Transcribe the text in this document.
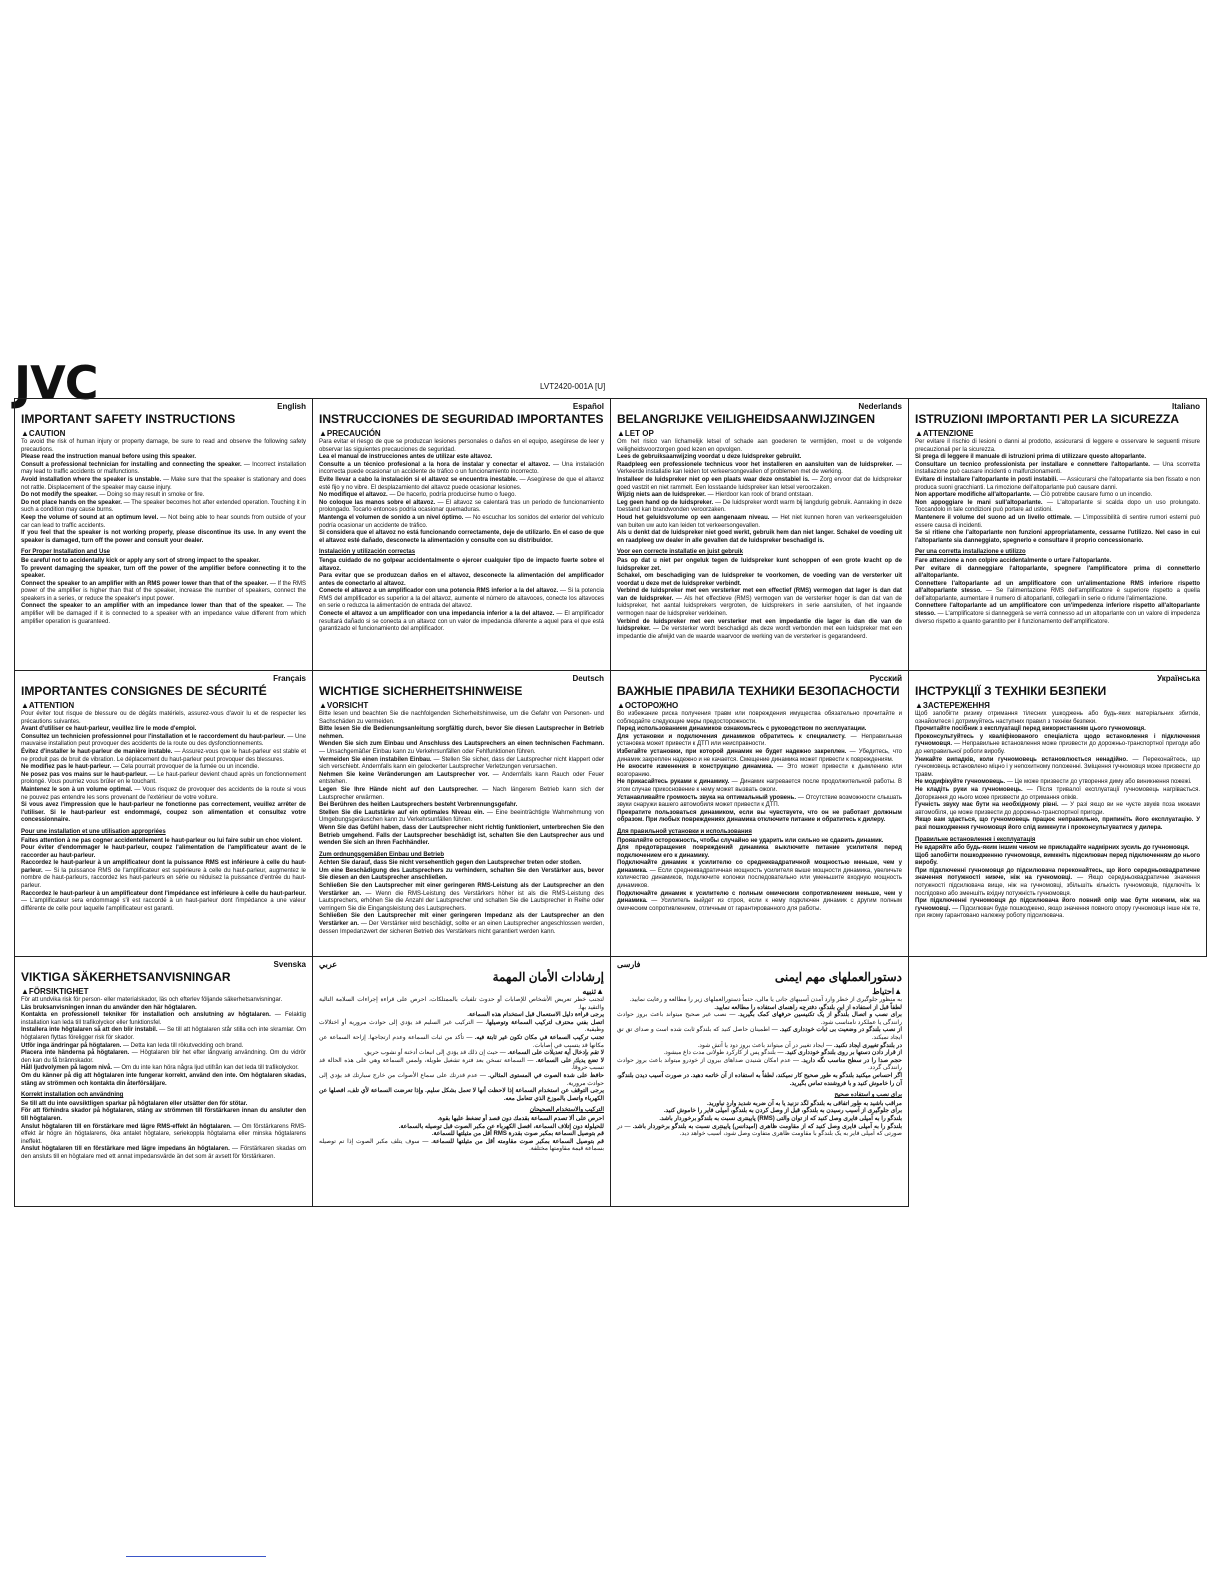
JVC	LVT2420-001A [U]
English
IMPORTANT SAFETY INSTRUCTIONS
▲CAUTION

To avoid the risk of human injury or property damage, be sure to read and observe the following safety precautions.

Please read the instruction manual before using this speaker.

Consult a professional technician for installing and connecting the speaker. — Incorrect installation may lead to traffic accidents or malfunctions.

Avoid installation where the speaker is unstable. — Make sure that the speaker is stationary and does not rattle. Displacement of the speaker may cause injury.

Do not modify the speaker. — Doing so may result in smoke or fire.

Do not place hands on the speaker. — The speaker becomes hot after extended operation. Touching it in such a condition may cause burns.

Keep the volume of sound at an optimum level. — Not being able to hear sounds from outside of your car can lead to traffic accidents.

If you feel that the speaker is not working properly, please discontinue its use. In any event the speaker is damaged, turn off the power and consult your dealer.

For Proper Installation and Use

Be careful not to accidentally kick or apply any sort of strong impact to the speaker.

To prevent damaging the speaker, turn off the power of the amplifier before connecting it to the speaker.

Connect the speaker to an amplifier with an RMS power lower than that of the speaker. — If the RMS power of the amplifier is higher than that of the speaker, increase the number of speakers, connect the speakers in a series, or reduce the speaker's input power.

Connect the speaker to an amplifier with an impedance lower than that of the speaker. — The amplifier will be damaged if it is connected to a speaker with an impedance value different from which amplifier operation is guaranteed.

Español
INSTRUCCIONES DE SEGURIDAD IMPORTANTES
▲PRECAUCIÓN

Para evitar el riesgo de que se produzcan lesiones personales o daños en el equipo, asegúrese de leer y observar las siguientes precauciones de seguridad.

Lea el manual de instrucciones antes de utilizar este altavoz.

Consulte a un técnico profesional a la hora de instalar y conectar el altavoz. — Una instalación incorrecta puede ocasionar un accidente de tráfico o un funcionamiento incorrecto.

Evite llevar a cabo la instalación si el altavoz se encuentra inestable. — Asegúrese de que el altavoz esté fijo y no vibre. El desplazamiento del altavoz puede ocasionar lesiones.

No modifique el altavoz. — De hacerlo, podría producirse humo o fuego.

No coloque las manos sobre el altavoz. — El altavoz se calentará tras un periodo de funcionamiento prolongado. Tocarlo entonces podría ocasionar quemaduras.

Mantenga el volumen de sonido a un nivel óptimo. — No escuchar los sonidos del exterior del vehículo podría ocasionar un accidente de tráfico.

Si considera que el altavoz no está funcionando correctamente, deje de utilizarlo. En el caso de que el altavoz esté dañado, desconecte la alimentación y consulte con su distribuidor.

Instalación y utilización correctas

Tenga cuidado de no golpear accidentalmente o ejercer cualquier tipo de impacto fuerte sobre el altavoz.

Para evitar que se produzcan daños en el altavoz, desconecte la alimentación del amplificador antes de conectarlo al altavoz.

Conecte el altavoz a un amplificador con una potencia RMS inferior a la del altavoz. — Si la potencia RMS del amplificador es superior a la del altavoz, aumente el número de altavoces, conecte los altavoces en serie o reduzca la alimentación de entrada del altavoz.

Conecte el altavoz a un amplificador con una impedancia inferior a la del altavoz. — El amplificador resultará dañado si se conecta a un altavoz con un valor de impedancia diferente a aquel para el que está garantizado el funcionamiento del amplificador.

Nederlands
BELANGRIJKE VEILIGHEIDSAANWIJZINGEN
▲LET OP

Om het risico van lichamelijk letsel of schade aan goederen te vermijden, moet u de volgende veiligheidsvoorzorgen goed lezen en opvolgen.

Lees de gebruiksaanwijzing voordat u deze luidspreker gebruikt.

Raadpleeg een professionele technicus voor het installeren en aansluiten van de luidspreker. — Verkeerde installatie kan leiden tot verkeersongevallen of problemen met de werking.

Installeer de luidspreker niet op een plaats waar deze onstabiel is. — Zorg ervoor dat de luidspreker goed vastzit en niet rammelt. Een losstaande luidspreker kan letsel veroorzaken.

Wijzig niets aan de luidspreker. — Hierdoor kan rook of brand ontstaan.

Leg geen hand op de luidspreker. — De luidspreker wordt warm bij langdurig gebruik. Aanraking in deze toestand kan brandwonden veroorzaken.

Houd het geluidsvolume op een aangenaam niveau. — Het niet kunnen horen van verkeersgeluiden van buiten uw auto kan leiden tot verkeersongevallen.

Als u denkt dat de luidspreker niet goed werkt, gebruik hem dan niet langer. Schakel de voeding uit en raadpleeg uw dealer in alle gevallen dat de luidspreker beschadigd is.

Voor een correcte installatie en juist gebruik

Pas op dat u niet per ongeluk tegen de luidspreker kunt schoppen of een grote kracht op de luidspreker zet.

Schakel, om beschadiging van de luidspreker te voorkomen, de voeding van de versterker uit voordat u deze met de luidspreker verbindt.

Verbind de luidspreker met een versterker met een effectief (RMS) vermogen dat lager is dan dat van de luidspreker. — Als het effectieve (RMS) vermogen van de versterker hoger is dan dat van de luidspreker, het aantal luidsprekers vergroten, de luidsprekers in serie aansluiten, of het ingaande vermogen naar de luidspreker verkleinen.

Verbind de luidspreker met een versterker met een impedantie die lager is dan die van de luidspreker. — De versterker wordt beschadigd als deze wordt verbonden met een luidspreker met een impedantie die afwijkt van de waarde waarvoor de werking van de versterker is gegarandeerd.

Italiano
ISTRUZIONI IMPORTANTI PER LA SICUREZZA
▲ATTENZIONE

Per evitare il rischio di lesioni o danni al prodotto, assicurarsi di leggere e osservare le seguenti misure precauzionali per la sicurezza.

Si prega di leggere il manuale di istruzioni prima di utilizzare questo altoparlante.

Consultare un tecnico professionista per installare e connettere l'altoparlante. — Una scorretta installazione può causare incidenti o malfunzionamenti.

Evitare di installare l'altoparlante in posti instabili. — Assicurarsi che l'altoparlante sia ben fissato e non produca suoni gracchianti. La rimozione dell'altoparlante può causare danni.

Non apportare modifiche all'altoparlante. — Ciò potrebbe causare fumo o un incendio.

Non appoggiare le mani sull'altoparlante. — L'altoparlante si scalda dopo un uso prolungato. Toccandolo in tale condizioni può portare ad ustioni.

Mantenere il volume del suono ad un livello ottimale. — L'impossibilità di sentire rumori esterni può essere causa di incidenti.

Se si ritiene che l'altoparlante non funzioni appropriatamente, cessarne l'utilizzo. Nel caso in cui l'altoparlante sia danneggiato, spegnerlo e consultare il proprio concessionario.

Per una corretta installazione e utilizzo

Fare attenzione a non colpire accidentalmente o urtare l'altoparlante.

Per evitare di danneggiare l'altoparlante, spegnere l'amplificatore prima di connetterlo all'altoparlante.

Connettere l'altoparlante ad un amplificatore con un'alimentazione RMS inferiore rispetto all'altoparlante stesso. — Se l'alimentazione RMS dell'amplificatore è superiore rispetto a quella dell'altoparlante, aumentare il numero di altoparlanti, collegarli in serie o ridurre l'alimentazione.

Connettere l'altoparlante ad un amplificatore con un'impedenza inferiore rispetto all'altoparlante stesso. — L'amplificatore si danneggerà se verrà connesso ad un altoparlante con un valore di impedenza diverso rispetto a quanto garantito per il funzionamento dell'amplificatore.

Français
IMPORTANTES CONSIGNES DE SÉCURITÉ
▲ATTENTION

Pour éviter tout risque de blessure ou de dégâts matériels, assurez-vous d'avoir lu et de respecter les précautions suivantes.

Avant d'utiliser ce haut-parleur, veuillez lire le mode d'emploi.

Consultez un technicien professionnel pour l'installation et le raccordement du haut-parleur. — Une mauvaise installation peut provoquer des accidents de la route ou des dysfonctionnements.

Évitez d'installer le haut-parleur de manière instable. — Assurez-vous que le haut-parleur est stable et ne produit pas de bruit de vibration. Le déplacement du haut-parleur peut provoquer des blessures.

Ne modifiez pas le haut-parleur. — Cela pourrait provoquer de la fumée ou un incendie.

Ne posez pas vos mains sur le haut-parleur. — Le haut-parleur devient chaud après un fonctionnement prolongé. Vous pourriez vous brûler en le touchant.

Maintenez le son à un volume optimal. — Vous risquez de provoquer des accidents de la route si vous ne pouvez pas entendre les sons provenant de l'extérieur de votre voiture.

Si vous avez l'impression que le haut-parleur ne fonctionne pas correctement, veuillez arrêter de l'utiliser. Si le haut-parleur est endommagé, coupez son alimentation et consultez votre concessionnaire.

Pour une installation et une utilisation appropriées

Faites attention à ne pas cogner accidentellement le haut-parleur ou lui faire subir un choc violent.

Pour éviter d'endommager le haut-parleur, coupez l'alimentation de l'amplificateur avant de le raccorder au haut-parleur.

Raccordez le haut-parleur à un amplificateur dont la puissance RMS est inférieure à celle du haut-parleur. — Si la puissance RMS de l'amplificateur est supérieure à celle du haut-parleur, augmentez le nombre de haut-parleurs, raccordez les haut-parleurs en série ou réduisez la puissance d'entrée du haut-parleur.

Raccordez le haut-parleur à un amplificateur dont l'impédance est inférieure à celle du haut-parleur. — L'amplificateur sera endommagé s'il est raccordé à un haut-parleur dont l'impédance a une valeur différente de celle pour laquelle l'amplificateur est garanti.

Deutsch
WICHTIGE SICHERHEITSHINWEISE
▲VORSICHT

Bitte lesen und beachten Sie die nachfolgenden Sicherheitshinweise, um die Gefahr von Personen- und Sachschäden zu vermeiden.

Bitte lesen Sie die Bedienungsanleitung sorgfältig durch, bevor Sie diesen Lautsprecher in Betrieb nehmen.

Wenden Sie sich zum Einbau und Anschluss des Lautsprechers an einen technischen Fachmann. — Unsachgemäßer Einbau kann zu Verkehrsunfällen oder Fehlfunktionen führen.

Vermeiden Sie einen instabilen Einbau. — Stellen Sie sicher, dass der Lautsprecher nicht klappert oder sich verschiebt. Andernfalls kann ein gelockerter Lautsprecher Verletzungen verursachen.

Nehmen Sie keine Veränderungen am Lautsprecher vor. — Andernfalls kann Rauch oder Feuer entstehen.

Legen Sie Ihre Hände nicht auf den Lautsprecher. — Nach längerem Betrieb kann sich der Lautsprecher erwärmen.

Bei Berühren des heißen Lautsprechers besteht Verbrennungsgefahr.

Stellen Sie die Lautstärke auf ein optimales Niveau ein. — Eine beeinträchtigte Wahrnehmung von Umgebungsgeräuschen kann zu Verkehrsunfällen führen.

Wenn Sie das Gefühl haben, dass der Lautsprecher nicht richtig funktioniert, unterbrechen Sie den Betrieb umgehend. Falls der Lautsprecher beschädigt ist, schalten Sie den Lautsprecher aus und wenden Sie sich an Ihren Fachhändler.

Zum ordnungsgemäßen Einbau und Betrieb

Achten Sie darauf, dass Sie nicht versehentlich gegen den Lautsprecher treten oder stoßen.

Um eine Beschädigung des Lautsprechers zu verhindern, schalten Sie den Verstärker aus, bevor Sie diesen an den Lautsprecher anschließen.

Schließen Sie den Lautsprecher mit einer geringeren RMS-Leistung als der Lautsprecher an den Verstärker an. — Wenn die RMS-Leistung des Verstärkers höher ist als die RMS-Leistung des Lautsprechers, erhöhen Sie die Anzahl der Lautsprecher und schalten Sie die Lautsprecher in Reihe oder verringern Sie die Eingangsleistung des Lautsprechers.

Schließen Sie den Lautsprecher mit einer geringeren Impedanz als der Lautsprecher an den Verstärker an. — Der Verstärker wird beschädigt, sollte er an einen Lautsprecher angeschlossen werden, dessen Impedanzwert der sicheren Betrieb des Verstärkers nicht garantiert werden kann.

Русский
ВАЖНЫЕ ПРАВИЛА ТЕХНИКИ БЕЗОПАСНОСТИ
▲ОСТОРОЖНО

Во избежание риска получения травм или повреждения имущества обязательно прочитайте и соблюдайте следующие меры предосторожности.

Перед использованием динамиков ознакомьтесь с руководством по эксплуатации.

Для установки и подключения динамиков обратитесь к специалисту. — Неправильная установка может привести к ДТП или неисправности.

Избегайте установки, при которой динамик не будет надежно закреплен. — Убедитесь, что динамик закреплен надежно и не качается. Смещение динамика может привести к повреждениям.

Не вносите изменения в конструкцию динамика. — Это может привести к дымлению или возгоранию.

Не прикасайтесь руками к динамику. — Динамик нагревается после продолжительной работы. В этом случае прикосновение к нему может вызвать ожоги.

Устанавливайте громкость звука на оптимальный уровень. — Отсутствие возможности слышать звуки снаружи вашего автомобиля может привести к ДТП.

Прекратите пользоваться динамиком, если вы чувствуете, что он не работает должным образом. При любых повреждениях динамика отключите питание и обратитесь к дилеру.

Для правильной установки и использования

Проявляйте осторожность, чтобы случайно не ударить или сильно не сдавить динамик.

Для предотвращения повреждений динамика выключите питание усилителя перед подключением его к динамику.

Подключайте динамик к усилителю со среднеквадратичной мощностью меньше, чем у динамика. — Если среднеквадратичная мощность усилителя выше мощности динамика, увеличьте количество динамиков, подключите колонки последовательно или уменьшите входную мощность динамиков.

Подключайте динамик к усилителю с полным омическим сопротивлением меньше, чем у динамика. — Усилитель выйдет из строя, если к нему подключен динамик с другим полным омическим сопротивлением, отличным от гарантированного для работы.

Українська
ІНСТРУКЦІЇ З ТЕХНІКИ БЕЗПЕКИ
▲ЗАСТЕРЕЖЕННЯ

Щоб запобігти ризику отримання тілесних ушкоджень або будь-яких матеріальних збитків, ознайомтеся і дотримуйтесь наступних правил з техніки безпеки.

Прочитайте посібник з експлуатації перед використанням цього гучномовця.

Проконсультуйтесь у кваліфікованого спеціаліста щодо встановлення і підключення гучномовця. — Неправильне встановлення може призвести до дорожньо-транспортної пригоди або до неправильної роботи виробу.

Уникайте випадків, коли гучномовець встановлюється ненадійно. — Переконайтесь, що гучномовець встановлено міцно і у непохитному положенні. Зміщення гучномовця може призвести до травм.

Не модифікуйте гучномовець. — Це може призвести до утворення диму або виникнення пожежі.

Не кладіть руки на гучномовець. — Після тривалої експлуатації гучномовець нагрівається. Доторкання до нього може призвести до отримання опіків.

Гучність звуку має бути на необхідному рівні. — У разі якщо ви не чуєте звуків поза межами автомобіля, це може призвести до дорожньо-транспортної пригоди.

Якщо вам здається, що гучномовець працює неправильно, припиніть його експлуатацію. У разі пошкодження гучномовця його слід вимкнути і проконсультуватися у дилера.

Правильне встановлення і експлуатація

Не вдаряйте або будь-яким іншим чином не прикладайте надмірних зусиль до гучномовця.

Щоб запобігти пошкодженню гучномовця, вимкніть підсилювач перед підключенням до нього виробу.

При підключенні гучномовця до підсилювача переконайтесь, що його середньоквадратичне значення потужності нижче, ніж на гучномовці. — Якщо середньоквадратичне значення потужності підсилювача вище, ніж на гучномовці, збільшіть кількість гучномовців, підключіть їх послідовно або зменшіть вхідну потужність гучномовця.

При підключенні гучномовця до підсилювача його повний опір має бути нижчим, ніж на гучномовці. — Підсилювач буде пошкоджено, якщо значення повного опору гучномовця інше ніж те, при якому гарантовано належну роботу підсилювача.

Svenska
VIKTIGA SÄKERHETSANVISNINGAR
▲FÖRSIKTIGHET

För att undvika risk för person- eller materialskador, läs och efterlev följande säkerhetsanvisningar.

Läs bruksanvisningen innan du använder den här högtalaren.

Kontakta en professionell tekniker för installation och anslutning av högtalaren. — Felaktig installation kan leda till trafikolyckor eller funktionsfel.

Installera inte högtalaren så att den blir instabil. — Se till att högtalaren står stilla och inte skramlar. Om högtalaren flyttas föreligger risk för skador.

Utför inga ändringar på högtalaren. — Detta kan leda till rökutveckling och brand.

Placera inte händerna på högtalaren. — Högtalaren blir het efter långvarig användning. Om du vidrör den kan du få brännskador.

Håll ljudvolymen på lagom nivå. — Om du inte kan höra några ljud utifrån kan det leda till trafikolyckor.

Om du känner på dig att högtalaren inte fungerar korrekt, använd den inte. Om högtalaren skadas, stäng av strömmen och kontakta din återförsäljare.

Korrekt installation och användning

Se till att du inte oavsiktligen sparkar på högtalaren eller utsätter den för stötar.

För att förhindra skador på högtalaren, stäng av strömmen till förstärkaren innan du ansluter den till högtalaren.

Anslut högtalaren till en förstärkare med lägre RMS-effekt än högtalaren. — Om förstärkarens RMS-effekt är högre än högtalarens, öka antalet högtalare, seriekoppla högtalarna eller minska högtalarens ineffekt.

Anslut högtalaren till en förstärkare med lägre impedans än högtalaren. — Förstärkaren skadas om den ansluts till en högtalare med ett annat impedansvärde än det som är avsett för förstärkaren.

عربي
إرشادات الأمان المهمة
▲تنبيه

لتجنب خطر تعريض الأشخاص للإصابات أو حدوث تلفيات بالممتلكات، احرص على قراءة إجراءات السلامة التالية والتقيد بها.

يرجى قراءة دليل الاستعمال قبل استخدام هذه السماعة.

اتصل بفني محترف لتركيب السماعة وتوصيلها. — التركيب غير السليم قد يؤدي إلى حوادث مرورية أو اختلالات وظيفية.

تجنب تركيب السماعة في مكان تكون غير ثابتة فيه. — تأكد من ثبات السماعة وعدم ارتجاجها. إزاحة السماعة عن مكانها قد يتسبب في إصابات.

لا تقم بإدخال أية تعديلات على السماعة. — حيث إن ذلك قد يؤدي إلى انبعاث أدخنة أو نشوب حريق.

لا تضع يديك على السماعة. — السماعة تسخن بعد فترة تشغيل طويلة، ولمس السماعة وهي على هذه الحالة قد تسبب حروقاً.

حافظ على شدة الصوت في المستوى المثالي. — عدم قدرتك على سماع الأصوات من خارج سيارتك قد يؤدي إلى حوادث مرورية.

يرجى التوقف عن استخدام السماعة إذا لاحظت أنها لا تعمل بشكل سليم. وإذا تعرضت السماعة لأي تلف، افصلها عن الكهرباء واتصل بالموزع الذي تتعامل معه.

التركيب والاستخدام الصحيحان

احرص على ألا تصدم السماعة بقدمك دون قصد أو تضغط عليها بقوة.

للحيلولة دون إتلاف السماعة، افصل الكهرباء عن مكبر الصوت قبل توصيله بالسماعة.

قم بتوصيل السماعة بمكبر صوت بقدرة RMS أقل من مثيلتها للسماعة.

قم بتوصيل السماعة بمكبر صوت مقاومته أقل من مثيلتها للسماعة. — سوف يتلف مكبر الصوت إذا تم توصيله بسماعة قيمة مقاومتها مختلفة.

فارسی
دستورالعملهای مهم ایمنی
▲احتیاط

به منظور جلوگیری از خطر وارد آمدن آسیبهای جانی یا مالی، حتماً دستورالعملهای زیر را مطالعه و رعایت نمایید.

لطفاً قبل از استفاده از این بلندگو، دفترچه راهنمای استفاده را مطالعه نمایید.

برای نصب و اتصال بلندگو از یک تکنیسین حرفهای کمک بگیرید. — نصب غیر صحیح میتواند باعث بروز حوادث رانندگی یا عملکرد نامناسب شود.

از نصب بلندگو در وضعیت بی ثبات خودداری کنید. — اطمینان حاصل کنید که بلندگو ثابت شده است و صدای تق تق ایجاد نمیکند.

در بلندگو تغییری ایجاد نکنید. — ایجاد تغییر در آن میتواند باعث بروز دود یا آتش شود.

از قرار دادن دستها بر روی بلندگو خودداری کنید. — بلندگو پس از کارکرد طولانی مدت داغ میشود.

حجم صدا را در سطح مناسب نگه دارید. — عدم امکان شنیدن صداهای بیرون از خودرو میتواند باعث بروز حوادث رانندگی گردد.

اگر احساس میکنید بلندگو به طور صحیح کار نمیکند، لطفاً به استفاده از آن خاتمه دهید. در صورت آسیب دیدن بلندگو، آن را خاموش کنید و با فروشنده تماس بگیرید.

برای نصب و استفاده صحیح

مراقب باشید به طور اتفاقی به بلندگو لگد نزنید یا به آن ضربه شدید وارد نیاورید.

برای جلوگیری از آسیب رسیدن به بلندگو، قبل از وصل کردن به بلندگو، آمپلی فایر را خاموش کنید.

بلندگو را به آمپلی فایری وصل کنید که از توان والتی (RMS) پایینتری نسبت به بلندگو برخوردار باشد.

بلندگو را به آمپلی فایری وصل کنید که از مقاومت ظاهری (امپدانس) پایینتری نسبت به بلندگو برخوردار باشد. — در صورتی که آمپلی فایر به یک بلندگو با مقاومت ظاهری متفاوت وصل شود، آسیب خواهد دید.
